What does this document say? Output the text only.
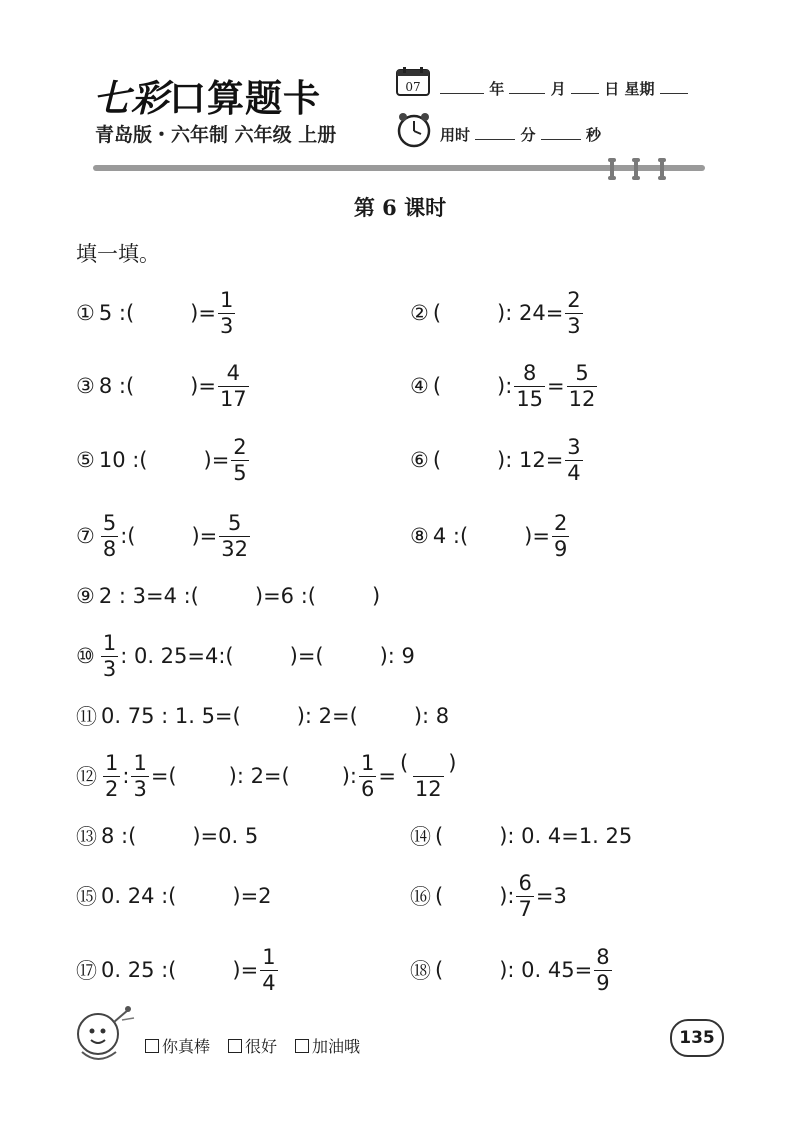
七彩口算题卡
青岛版・六年制 六年级 上册
07	年	月	日 星期
用时	分	秒
第 6 课时
填一填。
① 5 :(	)= $\frac{1}{3}$	② (	): $24= \frac{2}{3}$
③ 8 :(	)= $\frac{4}{17}$	④ (	): $\frac{8}{15} = \frac{5}{12}$
⑤ 10 :(	)= $\frac{2}{5}$	⑥ (	): $12= \frac{3}{4}$
⑦ $\frac{5}{8}$ :(	)= $\frac{5}{32}$	⑧ 4 :(	)= $\frac{2}{9}$
⑨ 2 : 3=4 :(	)=6 :(	)
⑩ $\frac{1}{3}$ : 0. 25=4:(	)=(	): 9
⑪ 0. 75 : 1. 5=(	): 2=(	): 8
⑫ $\frac{1}{2}$ : $\frac{1}{3}$ =( ): 2=( ): $\frac{1}{6} = \frac{( )}{12}$
⑬ 8 :(	)=0. 5	⑭ (	): 0. 4=1. 25
⑮ 0. 24 :(	)=2	⑯ (	): $\frac{6}{7} =3$
⑰ 0. 25 :(	)= $\frac{1}{4}$	⑱ (	): 0. $45= \frac{8}{9}$
你真棒	很好	加油哦	135
